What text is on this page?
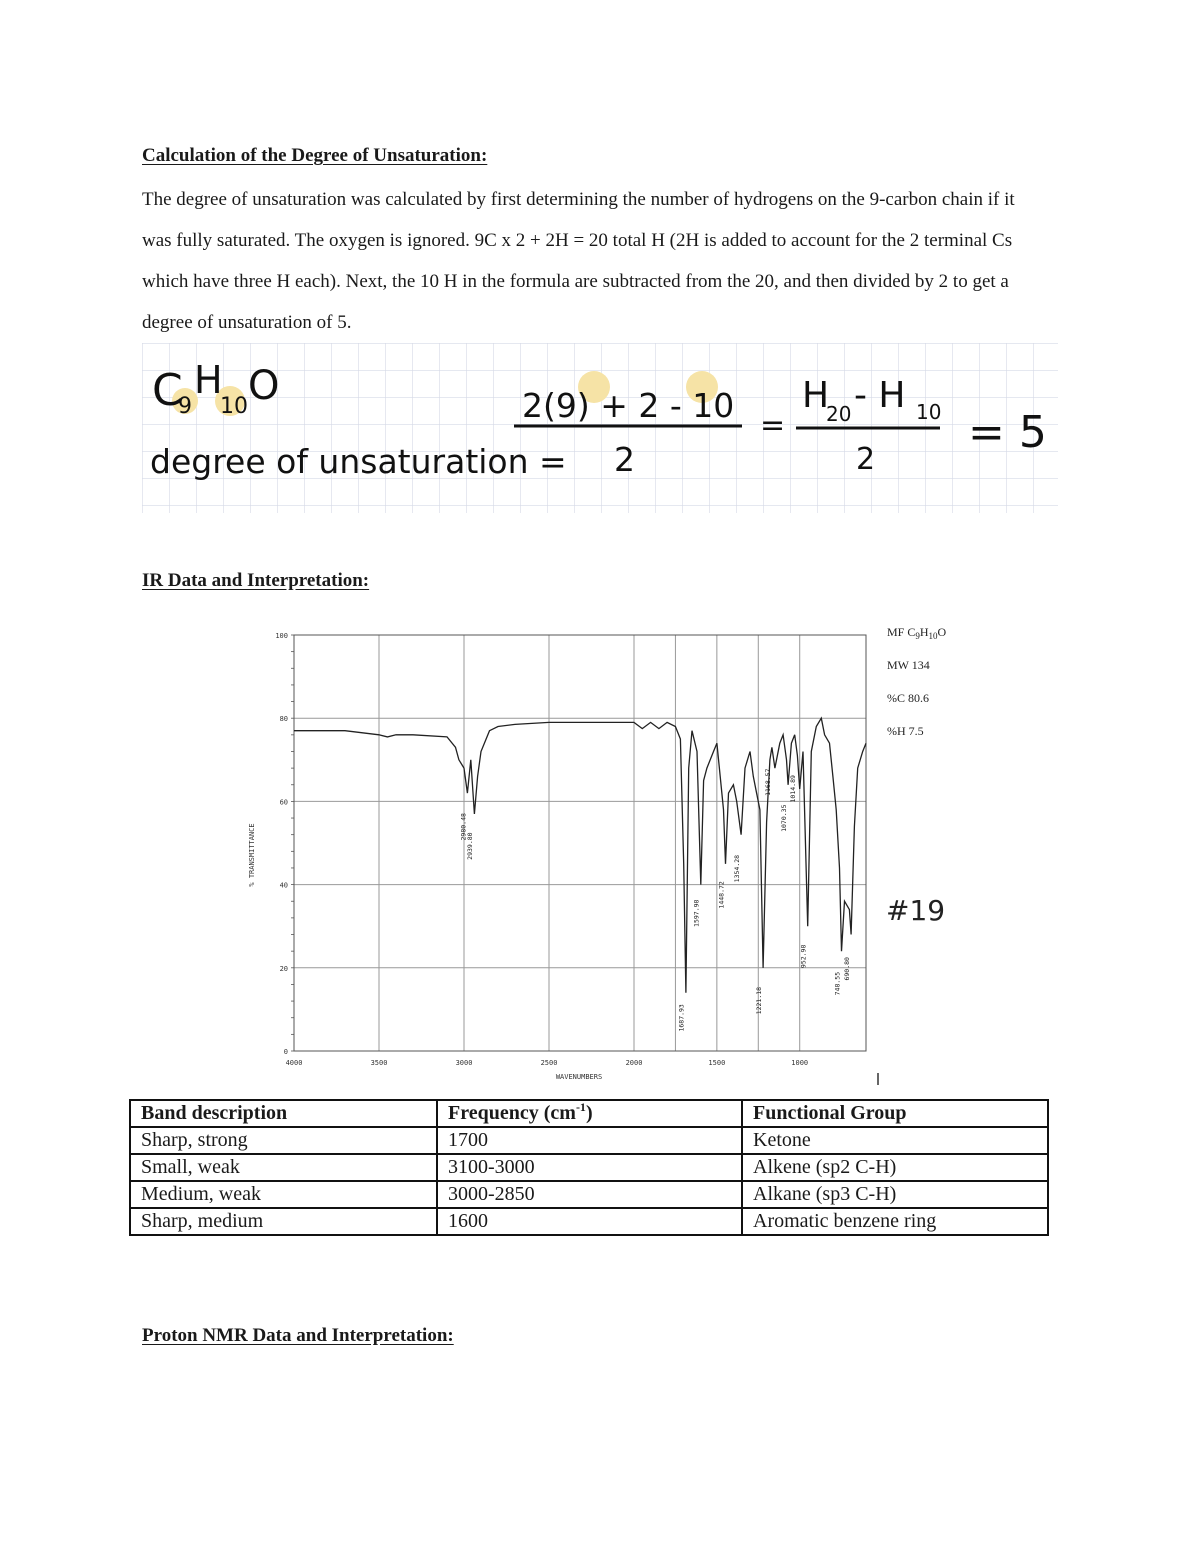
Calculation of the Degree of Unsaturation:

The degree of unsaturation was calculated by first determining the number of hydrogens on the 9-carbon chain if it was fully saturated. The oxygen is ignored. 9C x 2 + 2H = 20 total H (2H is added to account for the 2 terminal Cs which have three H each). Next, the 10 H in the formula are subtracted from the 20, and then divided by 2 to get a degree of unsaturation of 5.

C
9
H
10 O
degree of unsaturation =
2(9) + 2 - 10
2
=
H
20 - H 10
2
= 5
IR Data and Interpretation:
100
80
60
40
20
0
4000	3500	3000	2500	2000	1500	1000
2980.48
2939.80
1687.93
1597.98
1448.72
1354.28
1221.18
1168.57
1070.35
1014.89
952.98
748.55
690.80
% TRANSMITTANCE
WAVENUMBERS
MF $C_9H_{10}O$
MW 134
%C 80.6
%H 7.5
#19
Band description	Frequency $(cm^{-1})$	Functional Group
Sharp, strong	1700	Ketone
Small, weak	3100-3000	Alkene (sp2 C-H)
Medium, weak	3000-2850	Alkane (sp3 C-H)
Sharp, medium	1600	Aromatic benzene ring
Proton NMR Data and Interpretation:
